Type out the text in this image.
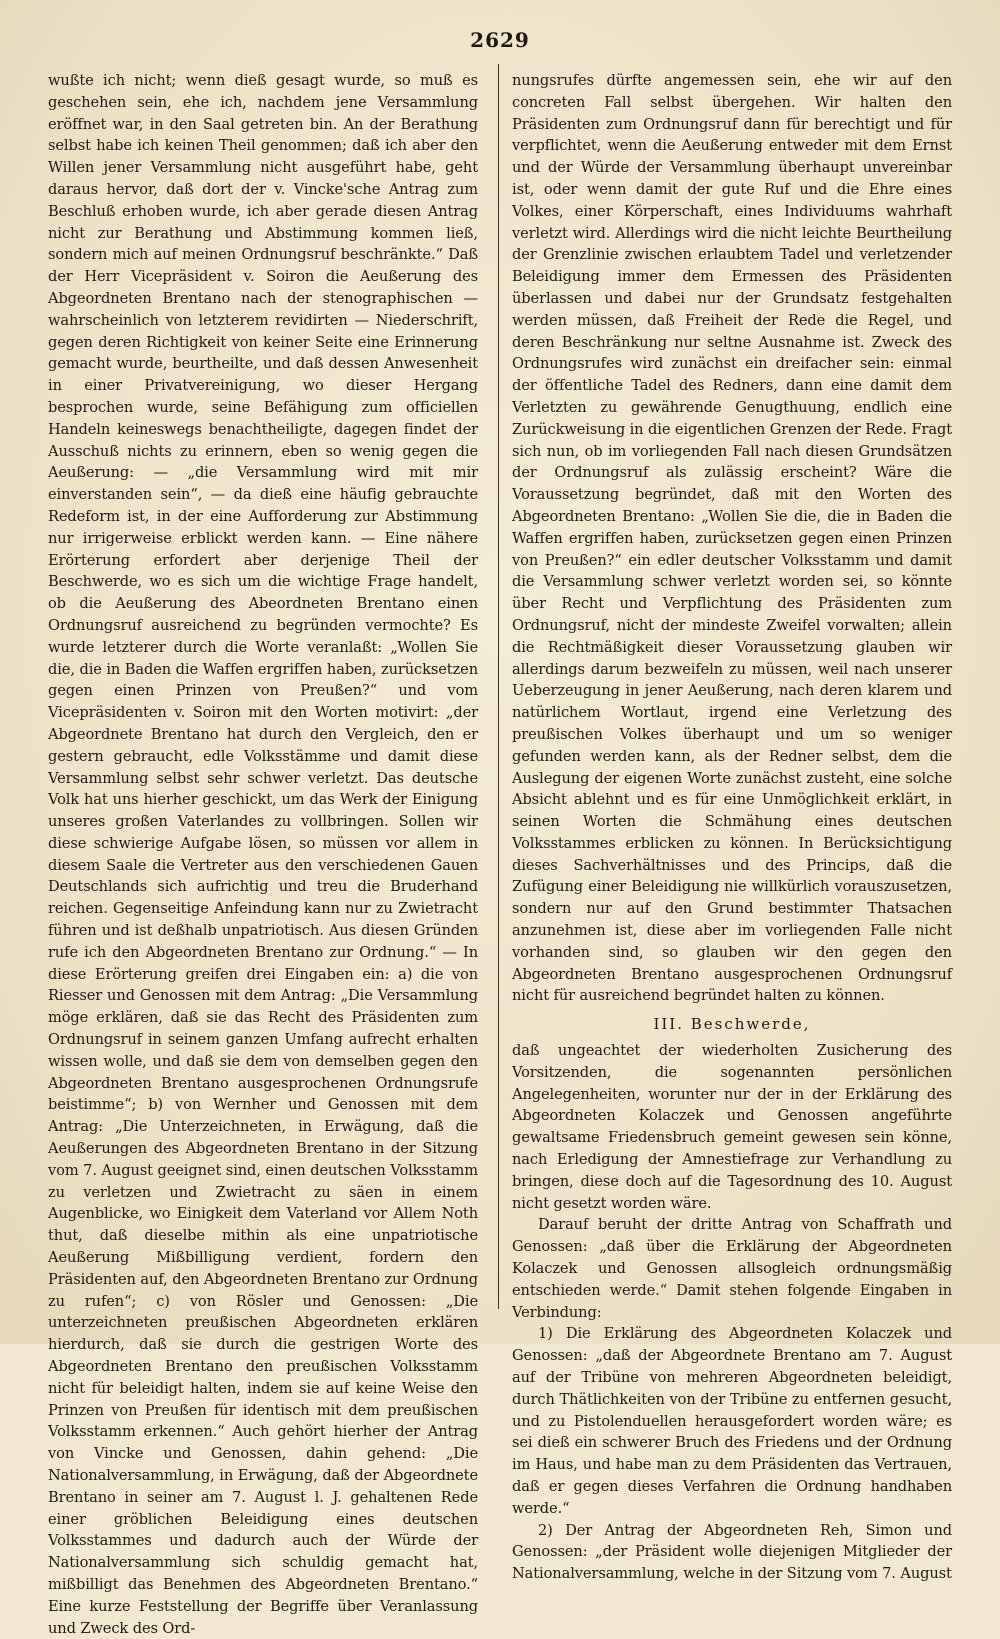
2629

wußte ich nicht; wenn dieß gesagt wurde, so muß es geschehen sein, ehe ich, nachdem jene Versammlung eröffnet war, in den Saal getreten bin. An der Berathung selbst habe ich keinen Theil genommen; daß ich aber den Willen jener Versammlung nicht ausgeführt habe, geht daraus hervor, daß dort der v. Vincke'sche Antrag zum Beschluß erhoben wurde, ich aber gerade diesen Antrag nicht zur Berathung und Abstimmung kommen ließ, sondern mich auf meinen Ordnungsruf beschränkte.“ Daß der Herr Vicepräsident v. Soiron die Aeußerung des Abgeordneten Brentano nach der stenographischen — wahrscheinlich von letzterem revidirten — Niederschrift, gegen deren Richtigkeit von keiner Seite eine Erinnerung gemacht wurde, beurtheilte, und daß dessen Anwesenheit in einer Privatvereinigung, wo dieser Hergang besprochen wurde, seine Befähigung zum officiellen Handeln keineswegs benachtheiligte, dagegen findet der Ausschuß nichts zu erinnern, eben so wenig gegen die Aeußerung: — „die Versammlung wird mit mir einverstanden sein“, — da dieß eine häufig gebrauchte Redeform ist, in der eine Aufforderung zur Abstimmung nur irrigerweise erblickt werden kann. — Eine nähere Erörterung erfordert aber derjenige Theil der Beschwerde, wo es sich um die wichtige Frage handelt, ob die Aeußerung des Abeordneten Brentano einen Ordnungsruf ausreichend zu begründen vermochte? Es wurde letzterer durch die Worte veranlaßt: „Wollen Sie die, die in Baden die Waffen ergriffen haben, zurücksetzen gegen einen Prinzen von Preußen?“ und vom Vicepräsidenten v. Soiron mit den Worten motivirt: „der Abgeordnete Brentano hat durch den Vergleich, den er gestern gebraucht, edle Volksstämme und damit diese Versammlung selbst sehr schwer verletzt. Das deutsche Volk hat uns hierher geschickt, um das Werk der Einigung unseres großen Vaterlandes zu vollbringen. Sollen wir diese schwierige Aufgabe lösen, so müssen vor allem in diesem Saale die Vertreter aus den verschiedenen Gauen Deutschlands sich aufrichtig und treu die Bruderhand reichen. Gegenseitige Anfeindung kann nur zu Zwietracht führen und ist deßhalb unpatriotisch. Aus diesen Gründen rufe ich den Abgeordneten Brentano zur Ordnung.“ — In diese Erörterung greifen drei Eingaben ein: a) die von Riesser und Genossen mit dem Antrag: „Die Versammlung möge erklären, daß sie das Recht des Präsidenten zum Ordnungsruf in seinem ganzen Umfang aufrecht erhalten wissen wolle, und daß sie dem von demselben gegen den Abgeordneten Brentano ausgesprochenen Ordnungsrufe beistimme“; b) von Wernher und Genossen mit dem Antrag: „Die Unterzeichneten, in Erwägung, daß die Aeußerungen des Abgeordneten Brentano in der Sitzung vom 7. August geeignet sind, einen deutschen Volksstamm zu verletzen und Zwietracht zu säen in einem Augenblicke, wo Einigkeit dem Vaterland vor Allem Noth thut, daß dieselbe mithin als eine unpatriotische Aeußerung Mißbilligung verdient, fordern den Präsidenten auf, den Abgeordneten Brentano zur Ordnung zu rufen“; c) von Rösler und Genossen: „Die unterzeichneten preußischen Abgeordneten erklären hierdurch, daß sie durch die gestrigen Worte des Abgeordneten Brentano den preußischen Volksstamm nicht für beleidigt halten, indem sie auf keine Weise den Prinzen von Preußen für identisch mit dem preußischen Volksstamm erkennen.“ Auch gehört hierher der Antrag von Vincke und Genossen, dahin gehend: „Die Nationalversammlung, in Erwägung, daß der Abgeordnete Brentano in seiner am 7. August l. J. gehaltenen Rede einer gröblichen Beleidigung eines deutschen Volksstammes und dadurch auch der Würde der Nationalversammlung sich schuldig gemacht hat, mißbilligt das Benehmen des Abgeordneten Brentano.“ Eine kurze Feststellung der Begriffe über Veranlassung und Zweck des Ord-

nungsrufes dürfte angemessen sein, ehe wir auf den concreten Fall selbst übergehen. Wir halten den Präsidenten zum Ordnungsruf dann für berechtigt und für verpflichtet, wenn die Aeußerung entweder mit dem Ernst und der Würde der Versammlung überhaupt unvereinbar ist, oder wenn damit der gute Ruf und die Ehre eines Volkes, einer Körperschaft, eines Individuums wahrhaft verletzt wird. Allerdings wird die nicht leichte Beurtheilung der Grenzlinie zwischen erlaubtem Tadel und verletzender Beleidigung immer dem Ermessen des Präsidenten überlassen und dabei nur der Grundsatz festgehalten werden müssen, daß Freiheit der Rede die Regel, und deren Beschränkung nur seltne Ausnahme ist. Zweck des Ordnungsrufes wird zunächst ein dreifacher sein: einmal der öffentliche Tadel des Redners, dann eine damit dem Verletzten zu gewährende Genugthuung, endlich eine Zurückweisung in die eigentlichen Grenzen der Rede. Fragt sich nun, ob im vorliegenden Fall nach diesen Grundsätzen der Ordnungsruf als zulässig erscheint? Wäre die Voraussetzung begründet, daß mit den Worten des Abgeordneten Brentano: „Wollen Sie die, die in Baden die Waffen ergriffen haben, zurücksetzen gegen einen Prinzen von Preußen?“ ein edler deutscher Volksstamm und damit die Versammlung schwer verletzt worden sei, so könnte über Recht und Verpflichtung des Präsidenten zum Ordnungsruf, nicht der mindeste Zweifel vorwalten; allein die Rechtmäßigkeit dieser Voraussetzung glauben wir allerdings darum bezweifeln zu müssen, weil nach unserer Ueberzeugung in jener Aeußerung, nach deren klarem und natürlichem Wortlaut, irgend eine Verletzung des preußischen Volkes überhaupt und um so weniger gefunden werden kann, als der Redner selbst, dem die Auslegung der eigenen Worte zunächst zusteht, eine solche Absicht ablehnt und es für eine Unmöglichkeit erklärt, in seinen Worten die Schmähung eines deutschen Volksstammes erblicken zu können. In Berücksichtigung dieses Sachverhältnisses und des Princips, daß die Zufügung einer Beleidigung nie willkürlich vorauszusetzen, sondern nur auf den Grund bestimmter Thatsachen anzunehmen ist, diese aber im vorliegenden Falle nicht vorhanden sind, so glauben wir den gegen den Abgeordneten Brentano ausgesprochenen Ordnungsruf nicht für ausreichend begründet halten zu können.

III. Beschwerde,

daß ungeachtet der wiederholten Zusicherung des Vorsitzenden, die sogenannten persönlichen Angelegenheiten, worunter nur der in der Erklärung des Abgeordneten Kolaczek und Genossen angeführte gewaltsame Friedensbruch gemeint gewesen sein könne, nach Erledigung der Amnestiefrage zur Verhandlung zu bringen, diese doch auf die Tagesordnung des 10. August nicht gesetzt worden wäre.

Darauf beruht der dritte Antrag von Schaffrath und Genossen: „daß über die Erklärung der Abgeordneten Kolaczek und Genossen allsogleich ordnungsmäßig entschieden werde.“ Damit stehen folgende Eingaben in Verbindung:

1) Die Erklärung des Abgeordneten Kolaczek und Genossen: „daß der Abgeordnete Brentano am 7. August auf der Tribüne von mehreren Abgeordneten beleidigt, durch Thätlichkeiten von der Tribüne zu entfernen gesucht, und zu Pistolenduellen herausgefordert worden wäre; es sei dieß ein schwerer Bruch des Friedens und der Ordnung im Haus, und habe man zu dem Präsidenten das Vertrauen, daß er gegen dieses Verfahren die Ordnung handhaben werde.“

2) Der Antrag der Abgeordneten Reh, Simon und Genossen: „der Präsident wolle diejenigen Mitglieder der Nationalversammlung, welche in der Sitzung vom 7. August
